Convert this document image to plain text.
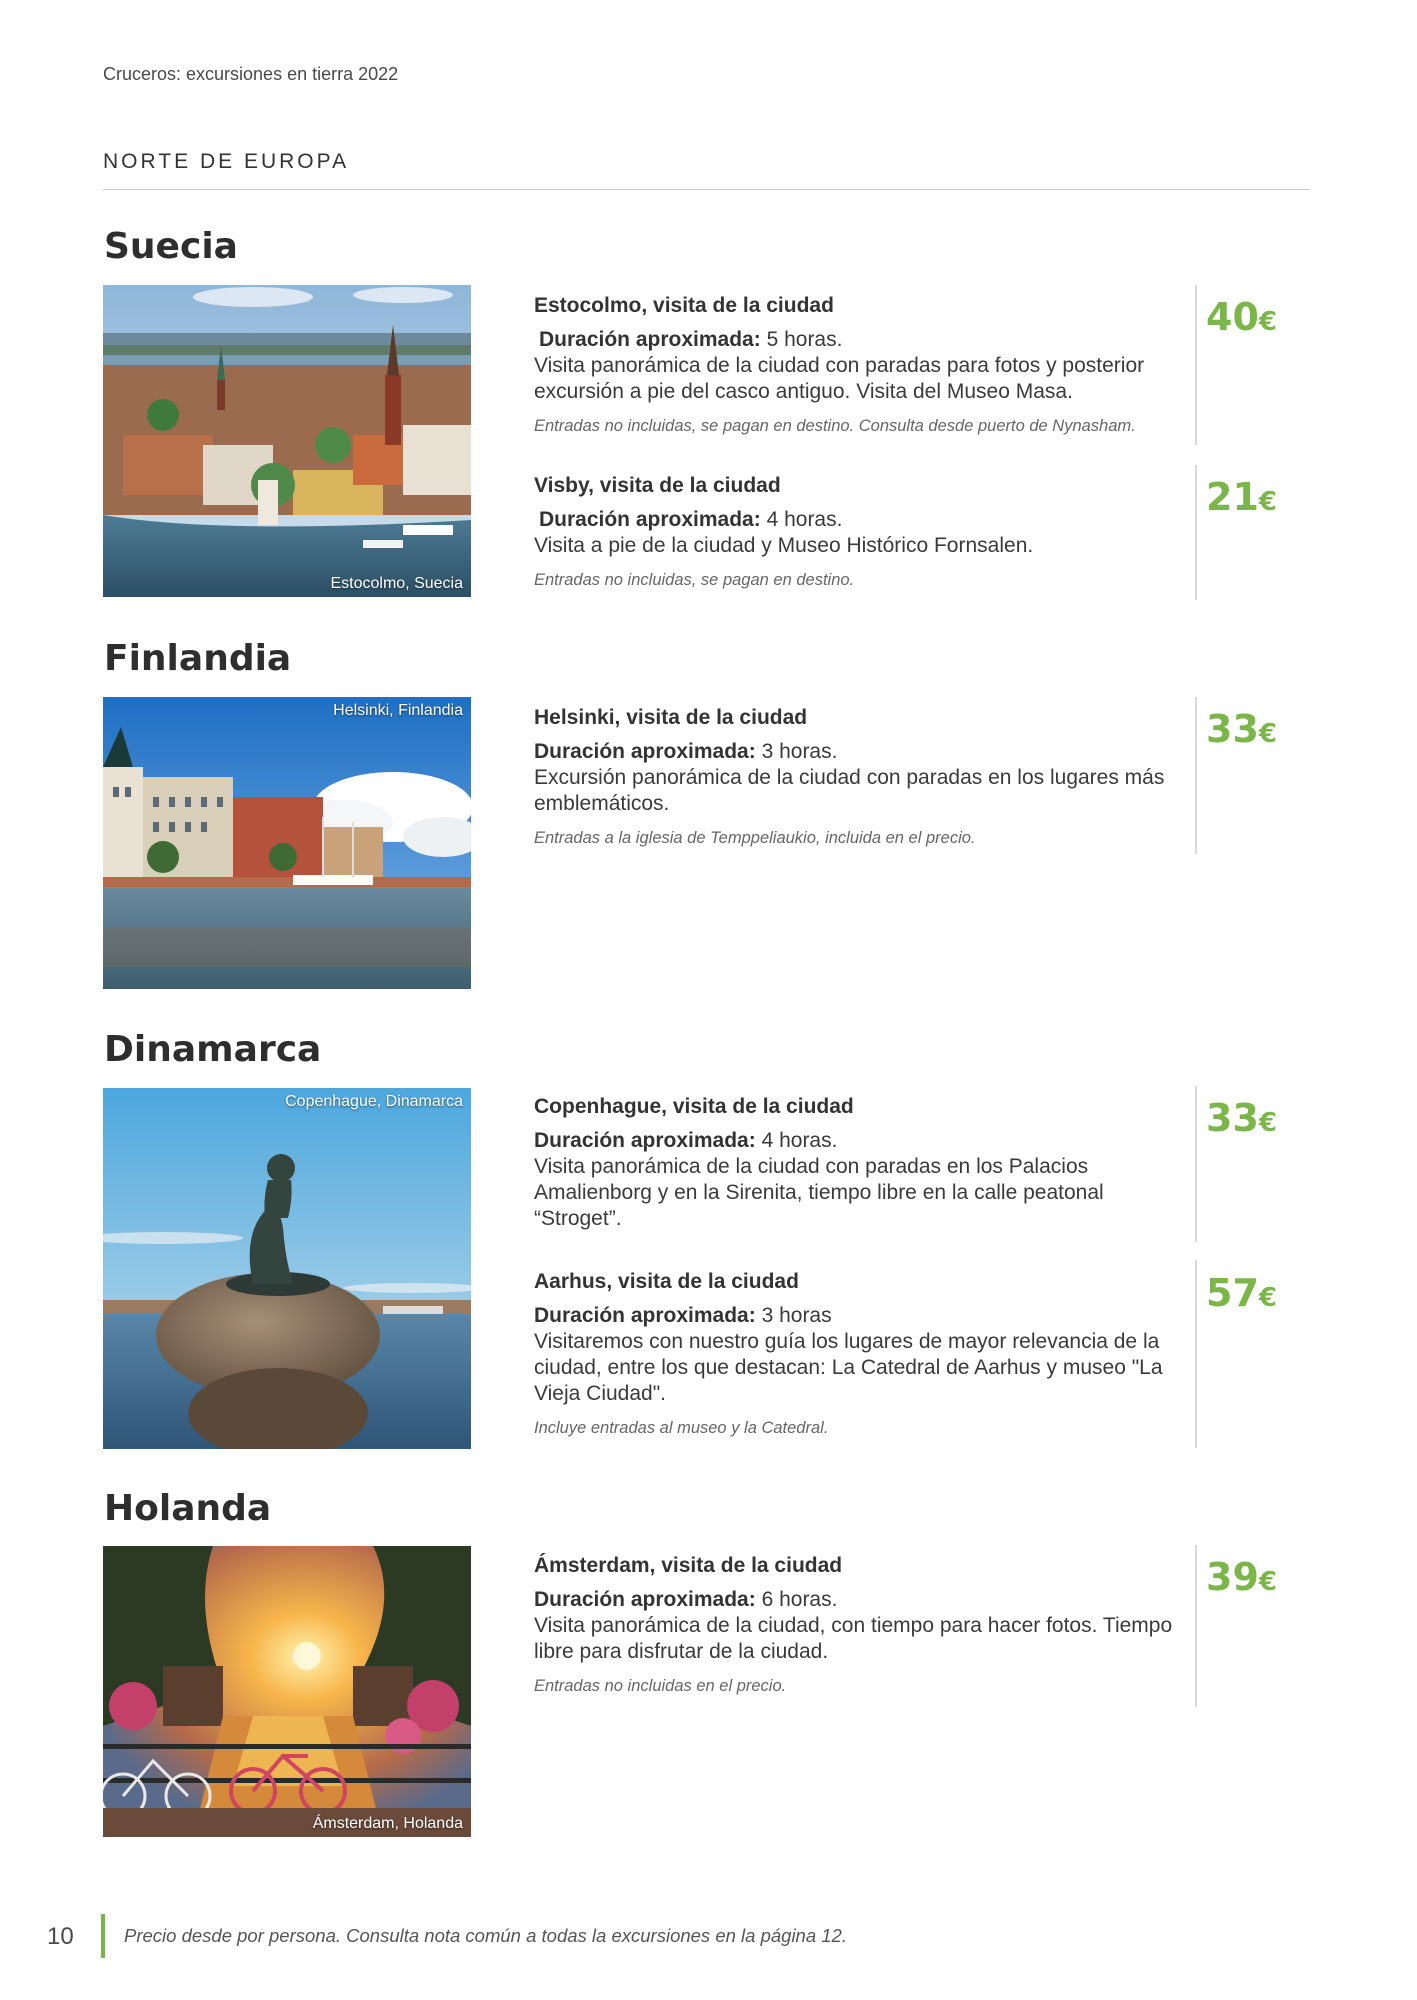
Cruceros: excursiones en tierra 2022
NORTE DE EUROPA
Suecia
Estocolmo, Suecia
Estocolmo, visita de la ciudad
Duración aproximada: 5 horas.
Visita panorámica de la ciudad con paradas para fotos y posterior excursión a pie del casco antiguo. Visita del Museo Masa.
Entradas no incluidas, se pagan en destino. Consulta desde puerto de Nynasham.
40€
Visby, visita de la ciudad
Duración aproximada: 4 horas.
Visita a pie de la ciudad y Museo Histórico Fornsalen.
Entradas no incluidas, se pagan en destino.
21€
Finlandia
Helsinki, Finlandia	Helsinki, visita de la ciudad
Duración aproximada: 3 horas.
Excursión panorámica de la ciudad con paradas en los lugares más emblemáticos.
Entradas a la iglesia de Temppeliaukio, incluida en el precio.
33€
Dinamarca
Copenhague, Dinamarca	Copenhague, visita de la ciudad
Duración aproximada: 4 horas.
Visita panorámica de la ciudad con paradas en los Palacios Amalienborg y en la Sirenita, tiempo libre en la calle peatonal “Stroget”.
33€
Aarhus, visita de la ciudad
Duración aproximada: 3 horas
Visitaremos con nuestro guía los lugares de mayor relevancia de la ciudad, entre los que destacan: La Catedral de Aarhus y museo "La Vieja Ciudad".
Incluye entradas al museo y la Catedral.
57€
Holanda
Ámsterdam, Holanda
Ámsterdam, visita de la ciudad
Duración aproximada: 6 horas.
Visita panorámica de la ciudad, con tiempo para hacer fotos. Tiempo libre para disfrutar de la ciudad.
Entradas no incluidas en el precio.
39€
10	Precio desde por persona. Consulta nota común a todas la excursiones en la página 12.
